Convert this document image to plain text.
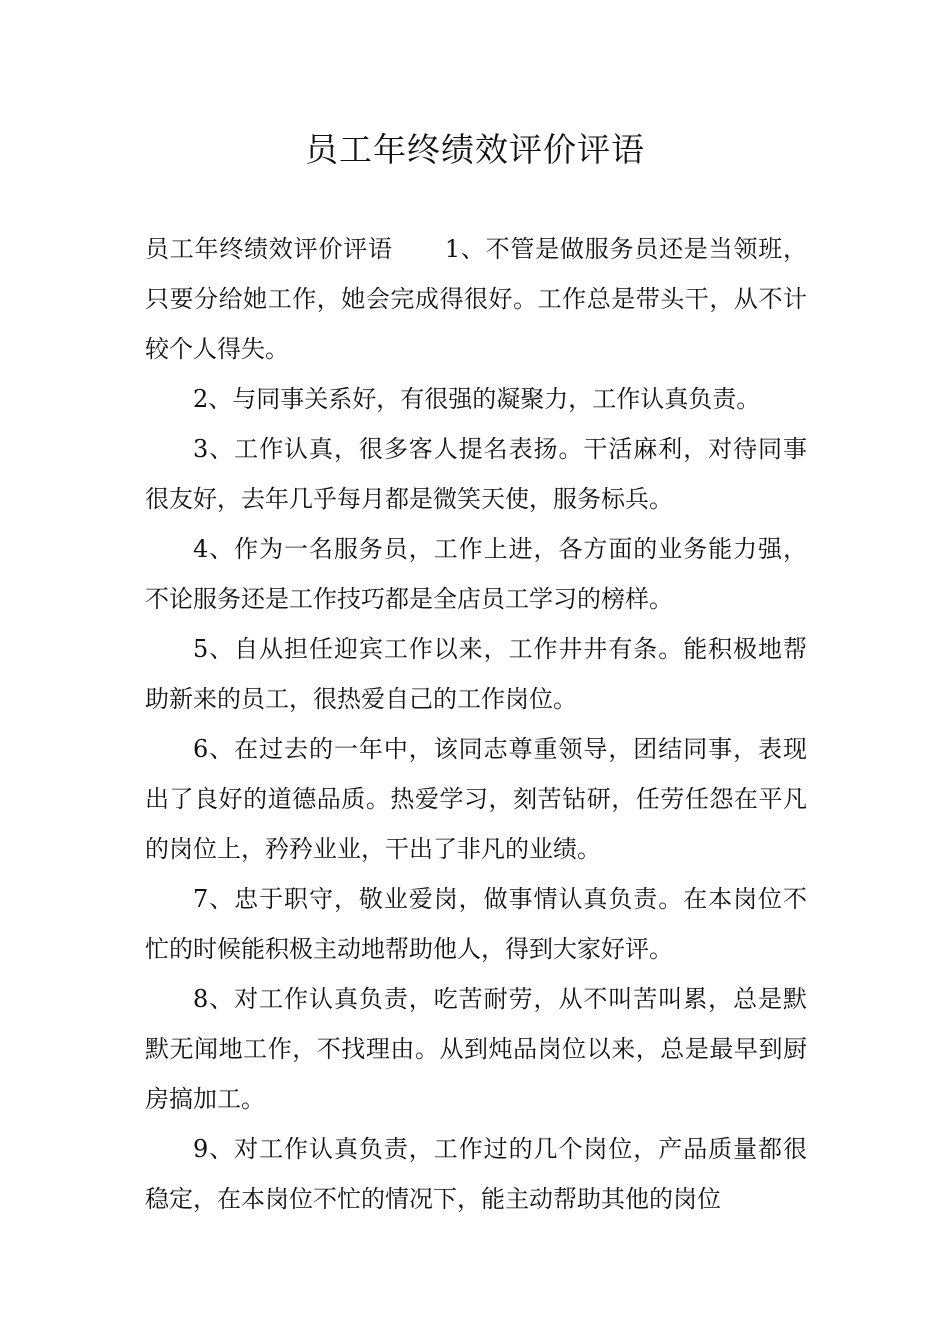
员工年终绩效评价评语

员工年终绩效评价评语 1、不管是做服务员还是当领班，只要分给她工作，她会完成得很好。工作总是带头干，从不计较个人得失。

2、与同事关系好，有很强的凝聚力，工作认真负责。

3、工作认真，很多客人提名表扬。干活麻利，对待同事很友好，去年几乎每月都是微笑天使，服务标兵。

4、作为一名服务员，工作上进，各方面的业务能力强，不论服务还是工作技巧都是全店员工学习的榜样。

5、自从担任迎宾工作以来，工作井井有条。能积极地帮助新来的员工，很热爱自己的工作岗位。

6、在过去的一年中，该同志尊重领导，团结同事，表现出了良好的道德品质。热爱学习，刻苦钻研，任劳任怨在平凡的岗位上，矜矜业业，干出了非凡的业绩。

7、忠于职守，敬业爱岗，做事情认真负责。在本岗位不忙的时候能积极主动地帮助他人，得到大家好评。

8、对工作认真负责，吃苦耐劳，从不叫苦叫累，总是默默无闻地工作，不找理由。从到炖品岗位以来，总是最早到厨房搞加工。

9、对工作认真负责，工作过的几个岗位，产品质量都很稳定，在本岗位不忙的情况下，能主动帮助其他的岗位
